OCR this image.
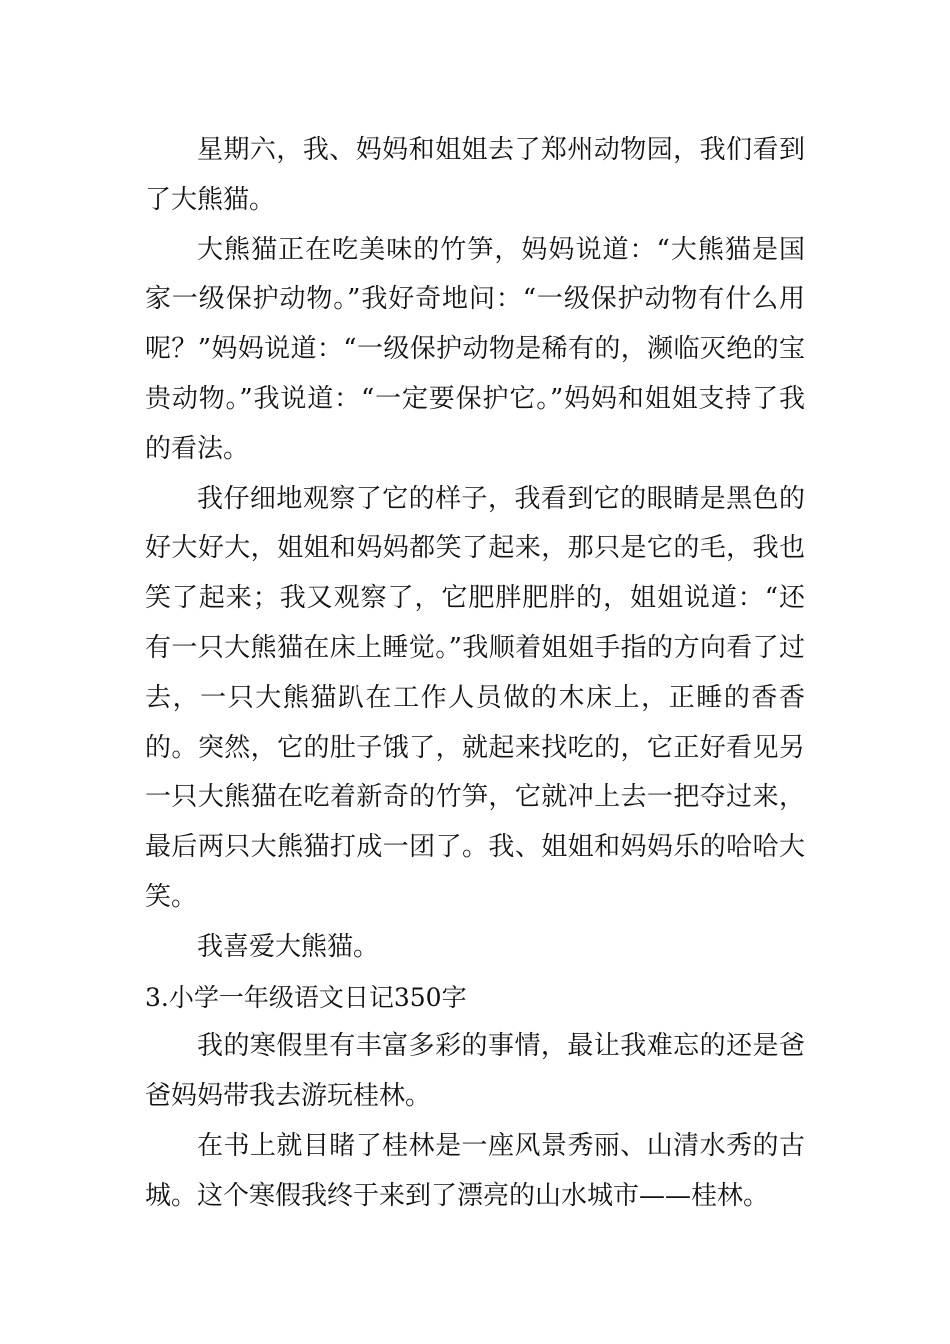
星期六，我、妈妈和姐姐去了郑州动物园，我们看到了大熊猫。

大熊猫正在吃美味的竹笋，妈妈说道：“大熊猫是国家一级保护动物。”我好奇地问：“一级保护动物有什么用呢？”妈妈说道：“一级保护动物是稀有的，濒临灭绝的宝贵动物。”我说道：“一定要保护它。”妈妈和姐姐支持了我的看法。

我仔细地观察了它的样子，我看到它的眼睛是黑色的好大好大，姐姐和妈妈都笑了起来，那只是它的毛，我也笑了起来；我又观察了，它肥胖肥胖的，姐姐说道：“还有一只大熊猫在床上睡觉。”我顺着姐姐手指的方向看了过去，一只大熊猫趴在工作人员做的木床上，正睡的香香的。突然，它的肚子饿了，就起来找吃的，它正好看见另一只大熊猫在吃着新奇的竹笋，它就冲上去一把夺过来，最后两只大熊猫打成一团了。我、姐姐和妈妈乐的哈哈大笑。

我喜爱大熊猫。

3.小学一年级语文日记350字

我的寒假里有丰富多彩的事情，最让我难忘的还是爸爸妈妈带我去游玩桂林。

在书上就目睹了桂林是一座风景秀丽、山清水秀的古城。这个寒假我终于来到了漂亮的山水城市——桂林。
